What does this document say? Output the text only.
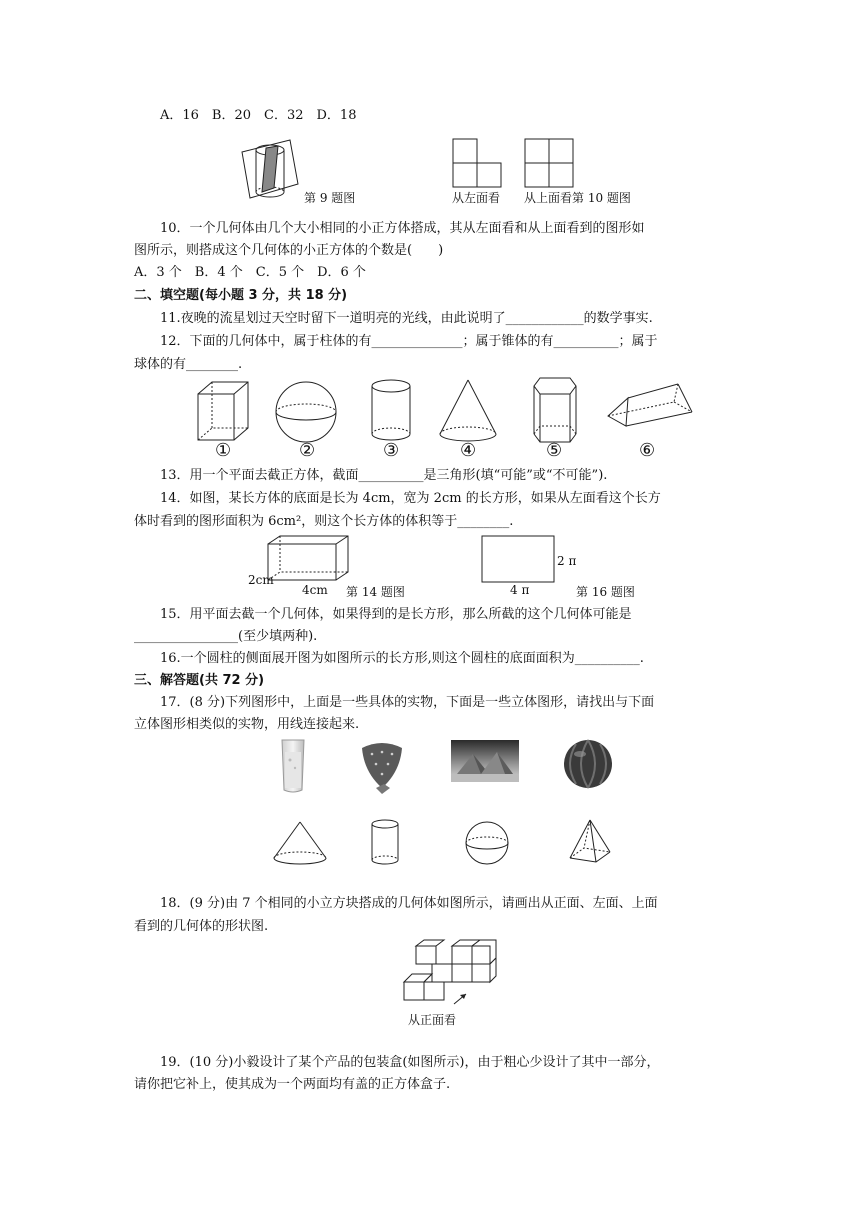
A．16　B．20　C．32　D．18
第 9 题图	从左面看 从上面看第 10 题图
10．一个几何体由几个大小相同的小正方体搭成，其从左面看和从上面看到的图形如
图所示，则搭成这个几何体的小正方体的个数是(　　)
A．3 个　B．4 个　C．5 个　D．6 个
二、填空题(每小题 3 分，共 18 分)
11.夜晚的流星划过天空时留下一道明亮的光线，由此说明了____________的数学事实.
12．下面的几何体中，属于柱体的有______________；属于锥体的有__________；属于
球体的有________.
①	②	③	④	⑤	⑥
13．用一个平面去截正方体，截面__________是三角形(填“可能”或“不可能”).
14．如图，某长方体的底面是长为 4cm，宽为 2cm 的长方形，如果从左面看这个长方
体时看到的图形面积为 6cm²，则这个长方体的体积等于________.
2cm
4cm 第 14 题图
2 π
4 π	第 16 题图
15．用平面去截一个几何体，如果得到的是长方形，那么所截的这个几何体可能是
________________(至少填两种).
16.一个圆柱的侧面展开图为如图所示的长方形,则这个圆柱的底面面积为__________.
三、解答题(共 72 分)
17．(8 分)下列图形中，上面是一些具体的实物，下面是一些立体图形，请找出与下面
立体图形相类似的实物，用线连接起来.
18．(9 分)由 7 个相同的小立方块搭成的几何体如图所示，请画出从正面、左面、上面
看到的几何体的形状图.
从正面看
19．(10 分)小毅设计了某个产品的包装盒(如图所示)，由于粗心少设计了其中一部分，
请你把它补上，使其成为一个两面均有盖的正方体盒子.
